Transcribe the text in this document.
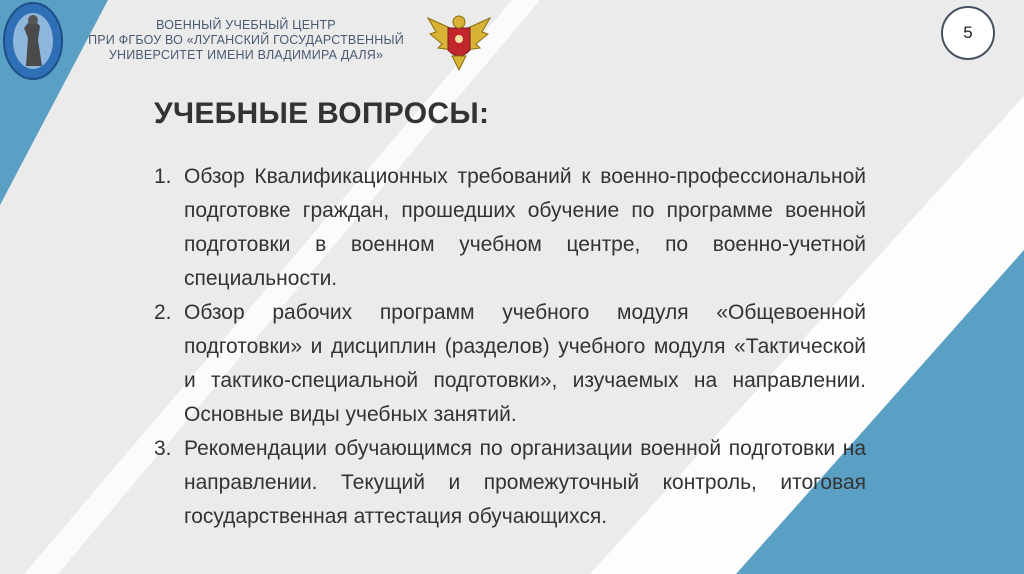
ВОЕННЫЙ УЧЕБНЫЙ ЦЕНТР
ПРИ ФГБОУ ВО «ЛУГАНСКИЙ ГОСУДАРСТВЕННЫЙ
УНИВЕРСИТЕТ ИМЕНИ ВЛАДИМИРА ДАЛЯ»
5
УЧЕБНЫЕ ВОПРОСЫ:
1. Обзор Квалификационных требований к военно-профессиональной подготовке граждан, прошедших обучение по программе военной подготовки в военном учебном центре, по военно-учетной специальности.
2. Обзор рабочих программ учебного модуля «Общевоенной подготовки» и дисциплин (разделов) учебного модуля «Тактической и тактико-специальной подготовки», изучаемых на направлении. Основные виды учебных занятий.
3. Рекомендации обучающимся по организации военной подготовки на направлении. Текущий и промежуточный контроль, итоговая государственная аттестация обучающихся.
